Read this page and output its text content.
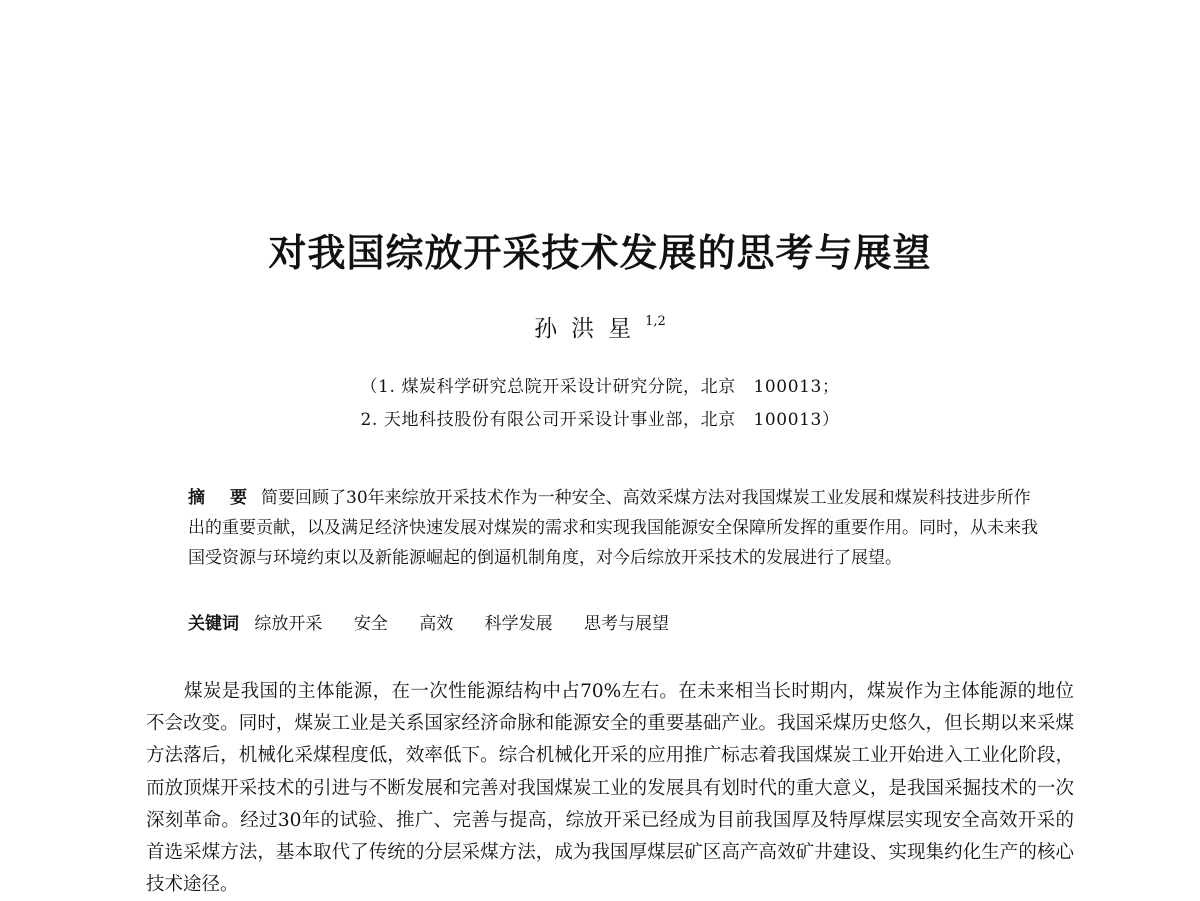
对我国综放开采技术发展的思考与展望
孙洪星$^{1,2}$
（1. 煤炭科学研究总院开采设计研究分院，北京　100013；
2. 天地科技股份有限公司开采设计事业部，北京　100013）

摘　要 简要回顾了30年来综放开采技术作为一种安全、高效采煤方法对我国煤炭工业发展和煤炭科技进步所作出的重要贡献，以及满足经济快速发展对煤炭的需求和实现我国能源安全保障所发挥的重要作用。同时，从未来我国受资源与环境约束以及新能源崛起的倒逼机制角度，对今后综放开采技术的发展进行了展望。

关键词 综放开采 安全 高效 科学发展 思考与展望

煤炭是我国的主体能源，在一次性能源结构中占70%左右。在未来相当长时期内，煤炭作为主体能源的地位不会改变。同时，煤炭工业是关系国家经济命脉和能源安全的重要基础产业。我国采煤历史悠久，但长期以来采煤方法落后，机械化采煤程度低，效率低下。综合机械化开采的应用推广标志着我国煤炭工业开始进入工业化阶段，而放顶煤开采技术的引进与不断发展和完善对我国煤炭工业的发展具有划时代的重大意义，是我国采掘技术的一次深刻革命。经过30年的试验、推广、完善与提高，综放开采已经成为目前我国厚及特厚煤层实现安全高效开采的首选采煤方法，基本取代了传统的分层采煤方法，成为我国厚煤层矿区高产高效矿井建设、实现集约化生产的核心技术途径。
